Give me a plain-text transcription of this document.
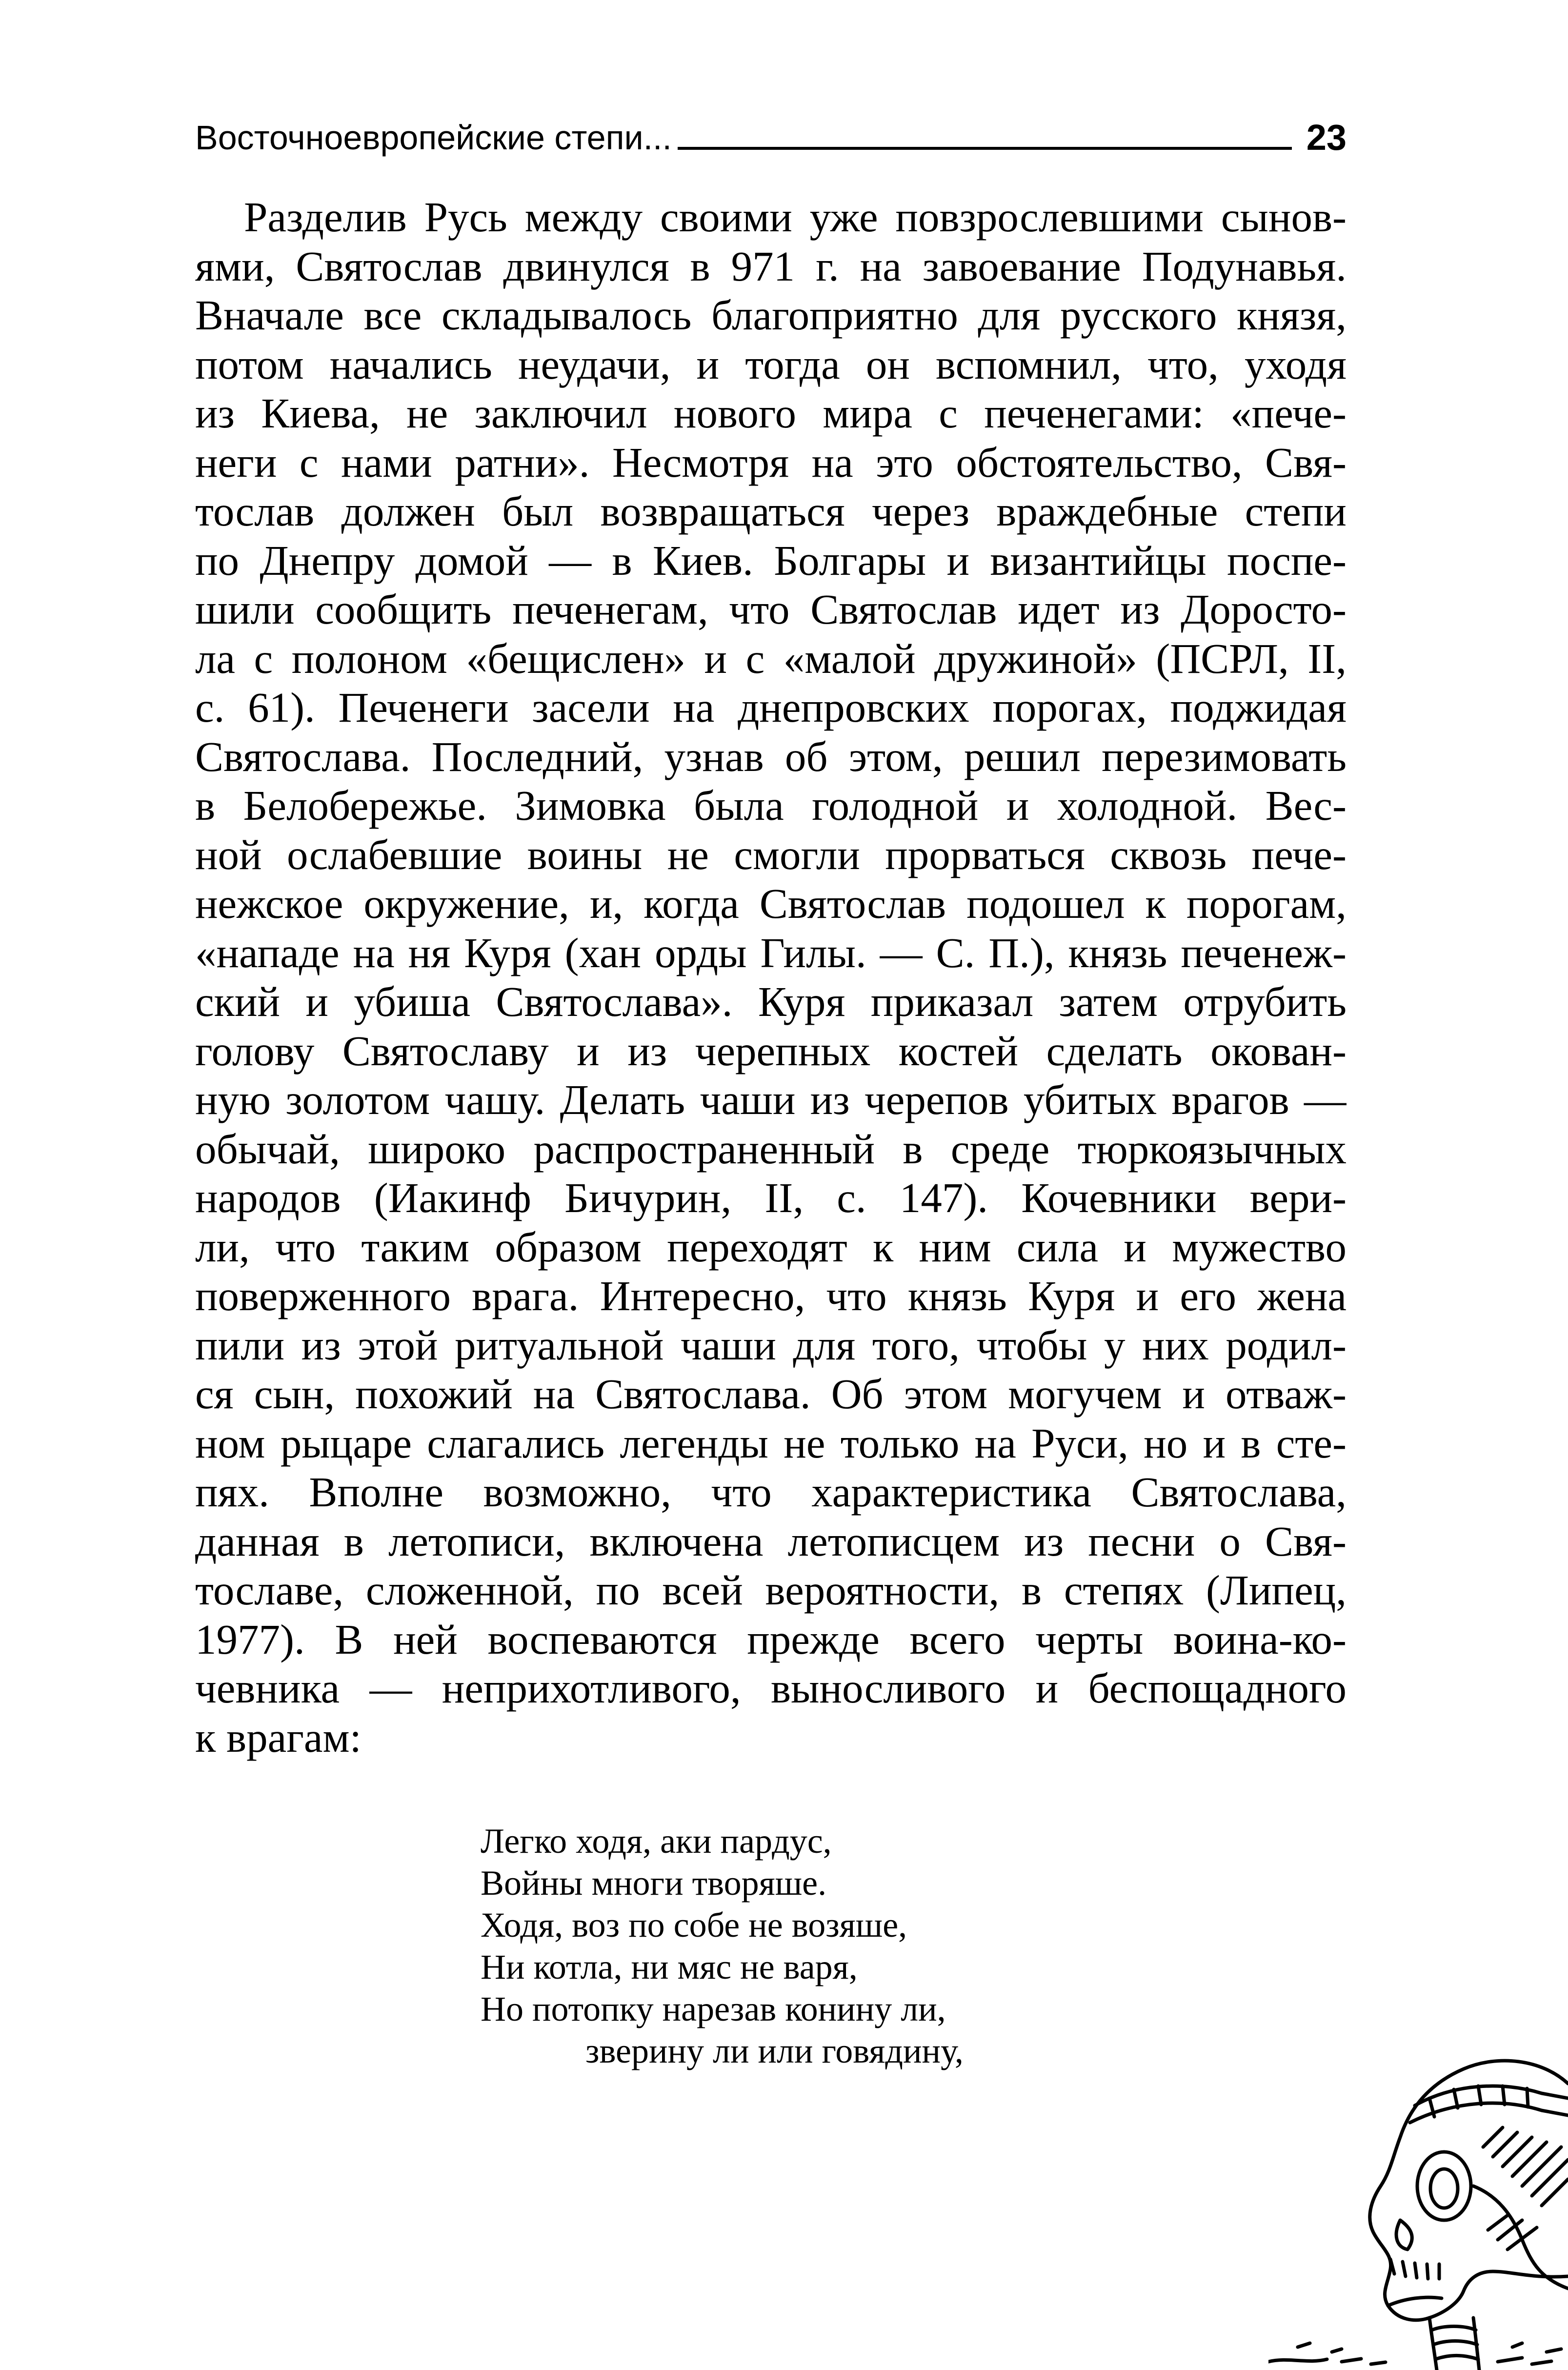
Восточноевропейские степи...	23
Разделив Русь между своими уже повзрослевшими сынов-
ями, Святослав двинулся в 971 г. на завоевание Подунавья.
Вначале все складывалось благоприятно для русского князя,
потом начались неудачи, и тогда он вспомнил, что, уходя
из Киева, не заключил нового мира с печенегами: «пече-
неги с нами ратни». Несмотря на это обстоятельство, Свя-
тослав должен был возвращаться через враждебные степи
по Днепру домой — в Киев. Болгары и византийцы поспе-
шили сообщить печенегам, что Святослав идет из Доросто-
ла с полоном «бещислен» и с «малой дружиной» (ПСРЛ, II,
с. 61). Печенеги засели на днепровских порогах, поджидая
Святослава. Последний, узнав об этом, решил перезимовать
в Белобережье. Зимовка была голодной и холодной. Вес-
ной ослабевшие воины не смогли прорваться сквозь пече-
нежское окружение, и, когда Святослав подошел к порогам,
«нападе на ня Куря (хан орды Гилы. — С. П.), князь печенеж-
ский и убиша Святослава». Куря приказал затем отрубить
голову Святославу и из черепных костей сделать окован-
ную золотом чашу. Делать чаши из черепов убитых врагов —
обычай, широко распространенный в среде тюркоязычных
народов (Иакинф Бичурин, II, с. 147). Кочевники вери-
ли, что таким образом переходят к ним сила и мужество
поверженного врага. Интересно, что князь Куря и его жена
пили из этой ритуальной чаши для того, чтобы у них родил-
ся сын, похожий на Святослава. Об этом могучем и отваж-
ном рыцаре слагались легенды не только на Руси, но и в сте-
пях. Вполне возможно, что характеристика Святослава,
данная в летописи, включена летописцем из песни о Свя-
тославе, сложенной, по всей вероятности, в степях (Липец,
1977). В ней воспеваются прежде всего черты воина-ко-
чевника — неприхотливого, выносливого и беспощадного
к врагам:
Легко ходя, аки пардус,
Войны многи творяше.
Ходя, воз по собе не возяше,
Ни котла, ни мяс не варя,
Но потопку нарезав конину ли,
зверину ли или говядину,
